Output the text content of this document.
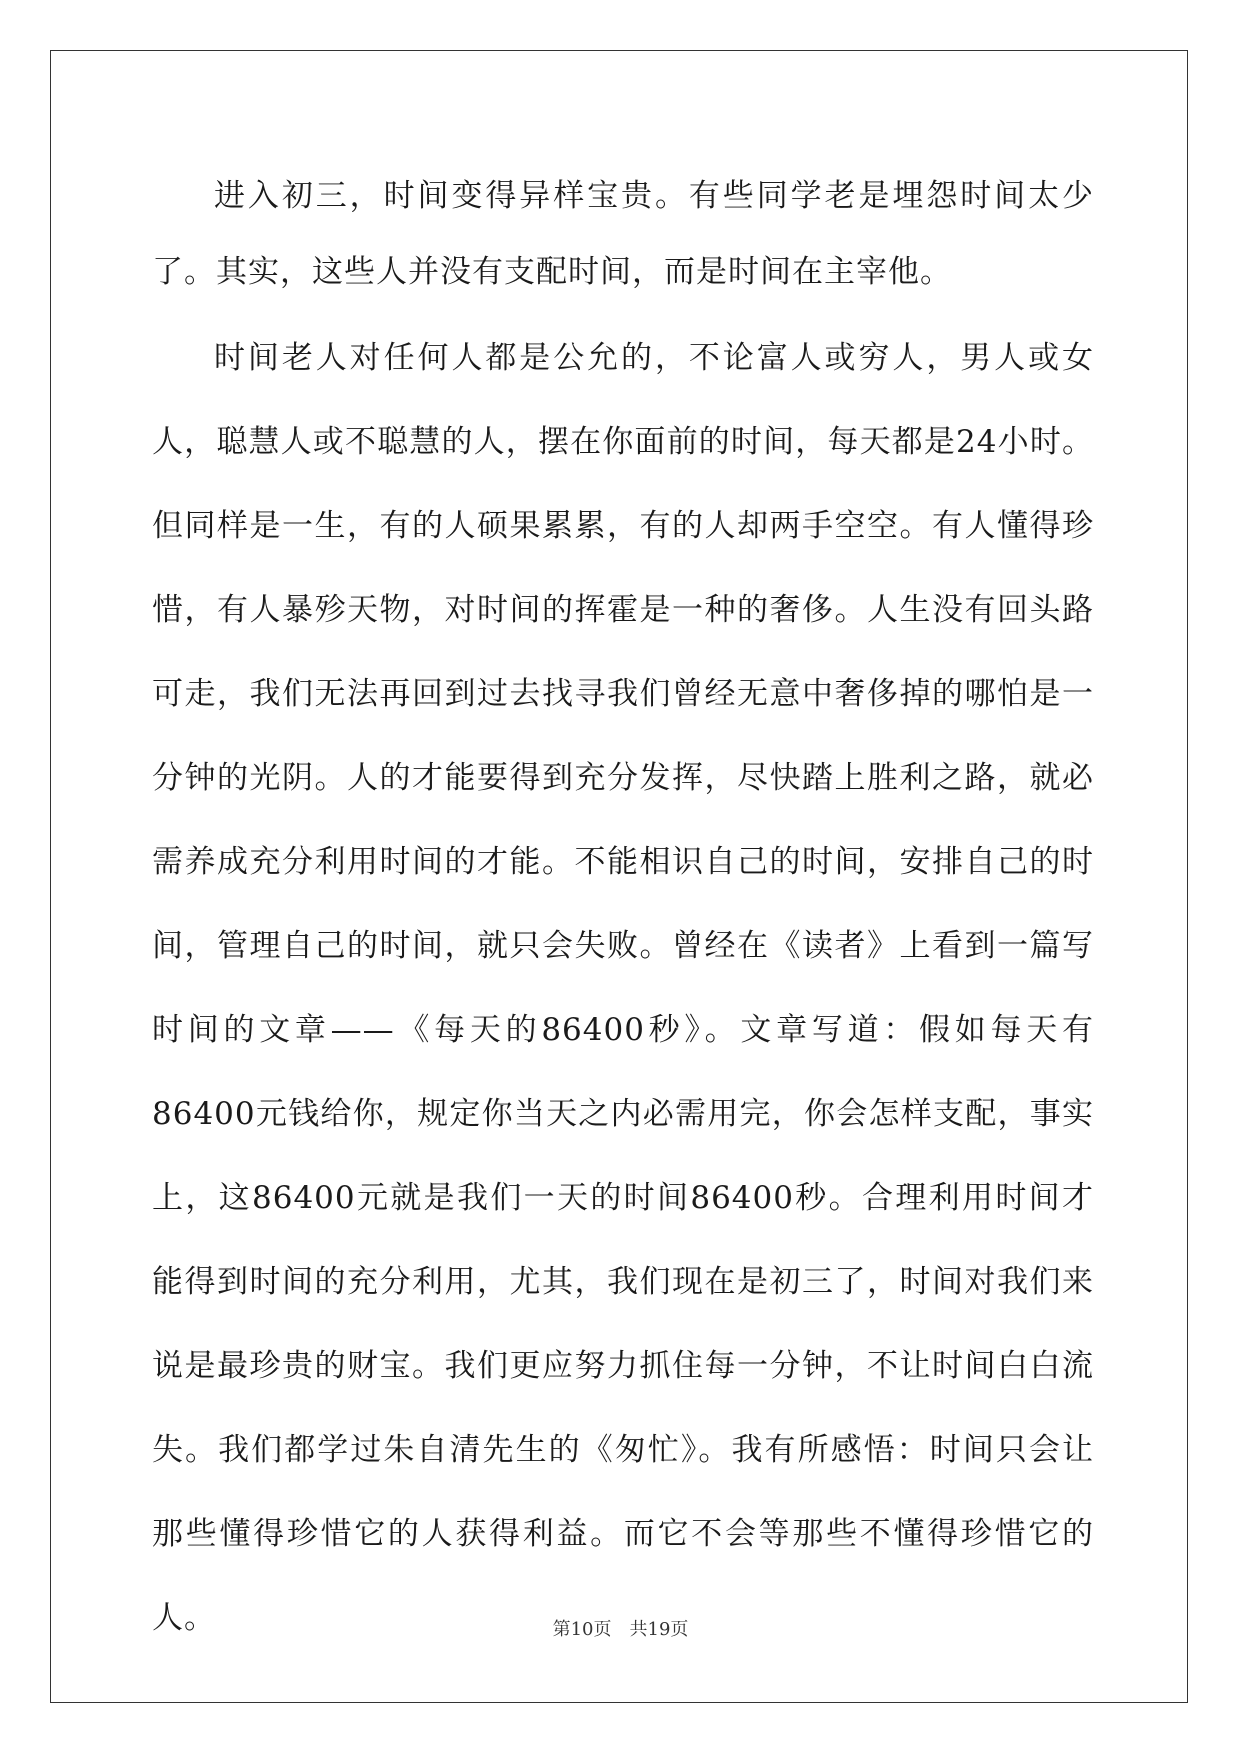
进入初三，时间变得异样宝贵。有些同学老是埋怨时间太少了。其实，这些人并没有支配时间，而是时间在主宰他。

时间老人对任何人都是公允的，不论富人或穷人，男人或女人，聪慧人或不聪慧的人，摆在你面前的时间，每天都是24小时。但同样是一生，有的人硕果累累，有的人却两手空空。有人懂得珍惜，有人暴殄天物，对时间的挥霍是一种的奢侈。人生没有回头路可走，我们无法再回到过去找寻我们曾经无意中奢侈掉的哪怕是一分钟的光阴。人的才能要得到充分发挥，尽快踏上胜利之路，就必需养成充分利用时间的才能。不能相识自己的时间，安排自己的时间，管理自己的时间，就只会失败。曾经在《读者》上看到一篇写时间的文章——《每天的86400秒》。文章写道：假如每天有86400元钱给你，规定你当天之内必需用完，你会怎样支配，事实上，这86400元就是我们一天的时间86400秒。合理利用时间才能得到时间的充分利用，尤其，我们现在是初三了，时间对我们来说是最珍贵的财宝。我们更应努力抓住每一分钟，不让时间白白流失。我们都学过朱自清先生的《匆忙》。我有所感悟：时间只会让那些懂得珍惜它的人获得利益。而它不会等那些不懂得珍惜它的人。	第10页 共19页
